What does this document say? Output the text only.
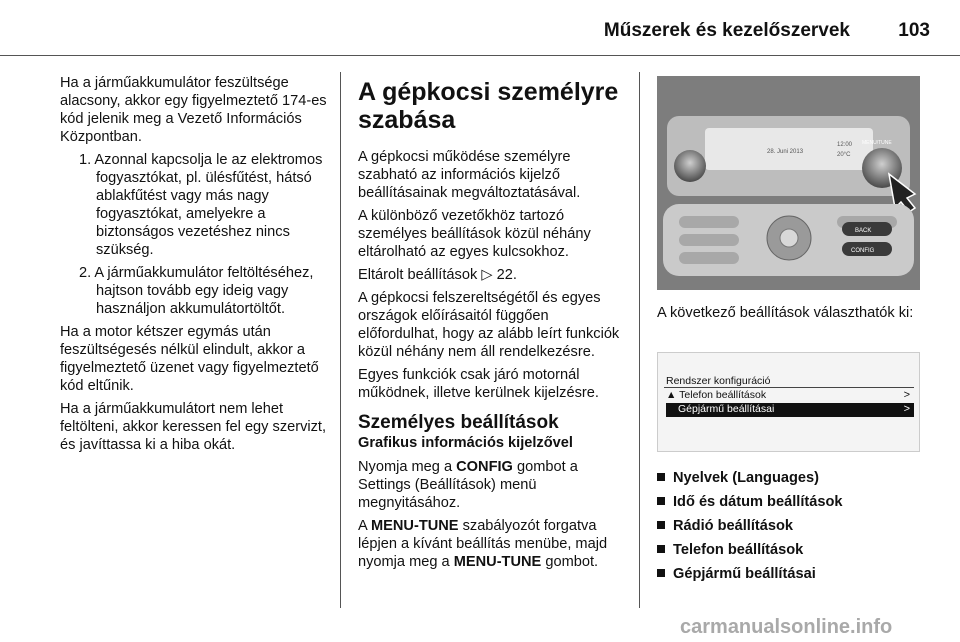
Műszerek és kezelőszervek	103

Ha a járműakkumulátor feszültsége alacsony, akkor egy figyelmeztető 174-es kód jelenik meg a Vezető Információs Központban.

1. Azonnal kapcsolja le az elektromos fogyasztókat, pl. ülésfűtést, hátsó ablakfűtést vagy más nagy fogyasztókat, amelyekre a biztonságos vezetéshez nincs szükség.

2. A járműakkumulátor feltöltéséhez, hajtson tovább egy ideig vagy használjon akkumulátortöltőt.

Ha a motor kétszer egymás után feszültségesés nélkül elindult, akkor a figyelmeztető üzenet vagy figyelmeztető kód eltűnik.

Ha a járműakkumulátort nem lehet feltölteni, akkor keressen fel egy szervizt, és javíttassa ki a hiba okát.

A gépkocsi személyre szabása

A gépkocsi működése személyre szabható az információs kijelző beállításainak megváltoztatásával.

A különböző vezetőkhöz tartozó személyes beállítások közül néhány eltárolható az egyes kulcsokhoz.

Eltárolt beállítások ▷ 22.

A gépkocsi felszereltségétől és egyes országok előírásaitól függően előfordulhat, hogy az alább leírt funkciók közül néhány nem áll rendelkezésre.

Egyes funkciók csak járó motornál működnek, illetve kerülnek kijelzésre.

Személyes beállítások
Grafikus információs kijelzővel

Nyomja meg a CONFIG gombot a Settings (Beállítások) menü megnyitásához.

A MENU-TUNE szabályozót forgatva lépjen a kívánt beállítás menübe, majd nyomja meg a MENU-TUNE gombot.

28. Juni 2013
12:00
20°C
MENU/TUNE
BACK
CONFIG
A következő beállítások választhatók ki:
Rendszer konfiguráció
▲ Telefon beállítások	>
Gépjármű beállításai	>
Nyelvek (Languages)
Idő és dátum beállítások
Rádió beállítások
Telefon beállítások
Gépjármű beállításai
carmanualsonline.info
